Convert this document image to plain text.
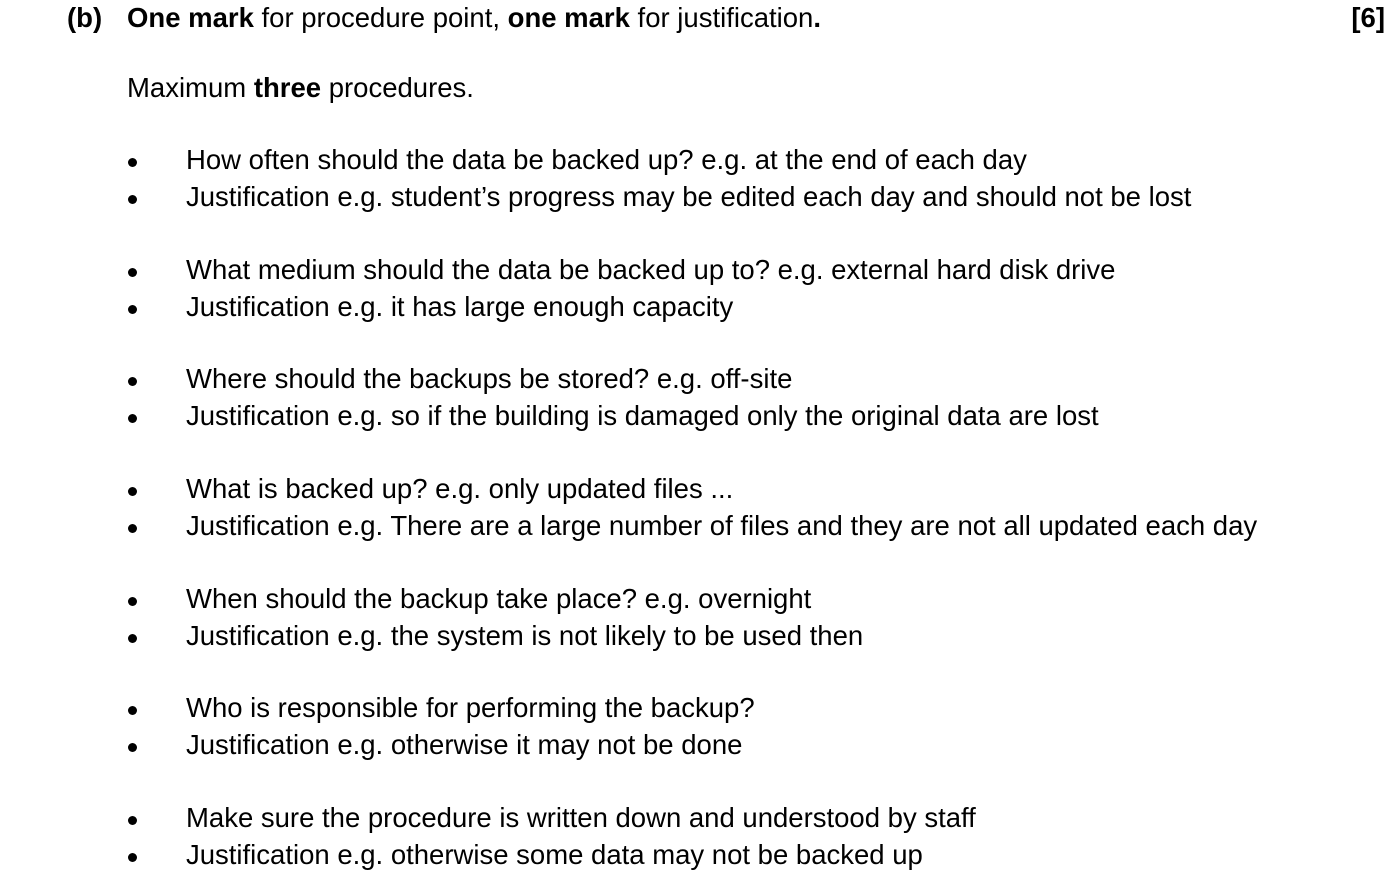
(b) One mark for procedure point, one mark for justification.	[6]
Maximum three procedures.
How often should the data be backed up? e.g. at the end of each day
Justification e.g. student’s progress may be edited each day and should not be lost
What medium should the data be backed up to? e.g. external hard disk drive
Justification e.g. it has large enough capacity
Where should the backups be stored? e.g. off-site
Justification e.g. so if the building is damaged only the original data are lost
What is backed up? e.g. only updated files ...
Justification e.g. There are a large number of files and they are not all updated each day
When should the backup take place? e.g. overnight
Justification e.g. the system is not likely to be used then
Who is responsible for performing the backup?
Justification e.g. otherwise it may not be done
Make sure the procedure is written down and understood by staff
Justification e.g. otherwise some data may not be backed up
